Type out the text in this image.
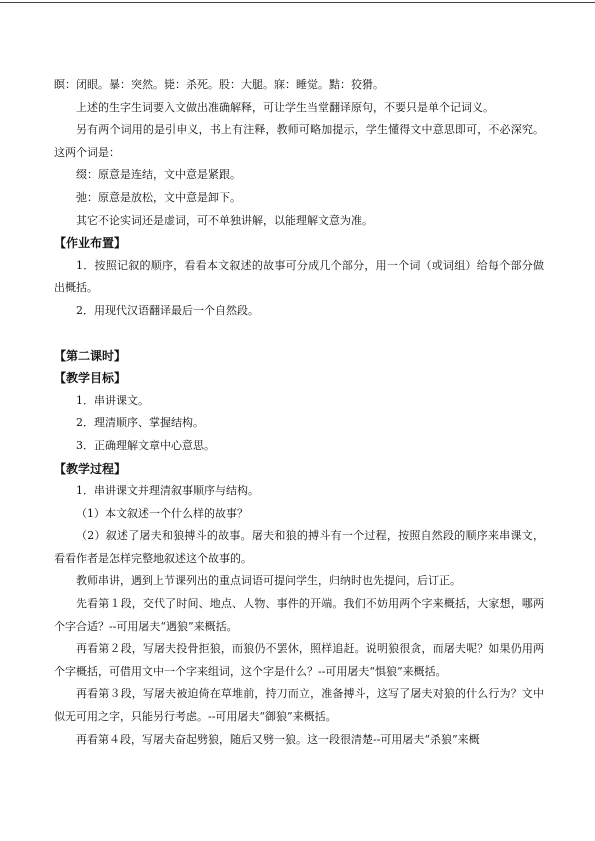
瞑：闭眼。暴：突然。毙：杀死。股：大腿。寐：睡觉。黠：狡猾。

上述的生字生词要入文做出准确解释，可让学生当堂翻译原句，不要只是单个记词义。

另有两个词用的是引申义，书上有注释，教师可略加提示，学生懂得文中意思即可，不必深究。这两个词是：

缀：原意是连结，文中意是紧跟。

弛：原意是放松，文中意是卸下。

其它不论实词还是虚词，可不单独讲解，以能理解文意为准。

【作业布置】

1．按照记叙的顺序，看看本文叙述的故事可分成几个部分，用一个词（或词组）给每个部分做出概括。

2．用现代汉语翻译最后一个自然段。

【第二课时】

【教学目标】

1．串讲课文。

2．理清顺序、掌握结构。

3．正确理解文章中心意思。

【教学过程】

1．串讲课文并理清叙事顺序与结构。

（1）本文叙述一个什么样的故事？

（2）叙述了屠夫和狼搏斗的故事。屠夫和狼的搏斗有一个过程，按照自然段的顺序来串课文，看看作者是怎样完整地叙述这个故事的。

教师串讲，遇到上节课列出的重点词语可提问学生，归纳时也先提问，后订正。

先看第１段，交代了时间、地点、人物、事件的开端。我们不妨用两个字来概括，大家想，哪两个字合适？--可用屠夫“遇狼”来概括。

再看第２段，写屠夫投骨拒狼，而狼仍不罢休，照样追赶。说明狼很贪，而屠夫呢？如果仍用两个字概括，可借用文中一个字来组词，这个字是什么？--可用屠夫“惧狼”来概括。

再看第３段，写屠夫被迫倚在草堆前，持刀而立，准备搏斗，这写了屠夫对狼的什么行为？文中似无可用之字，只能另行考虑。--可用屠夫“御狼”来概括。

再看第４段，写屠夫奋起劈狼，随后又劈一狼。这一段很清楚--可用屠夫“杀狼”来概
